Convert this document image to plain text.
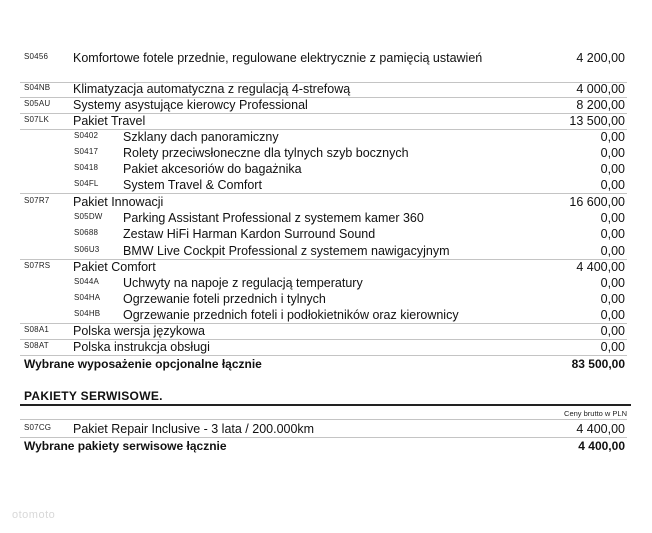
S0456 Komfortowe fotele przednie, regulowane elektrycznie z pamięcią ustawień	4 200,00
S04NB Klimatyzacja automatyczna z regulacją 4-strefową	4 000,00
S05AU Systemy asystujące kierowcy Professional	8 200,00
S07LK Pakiet Travel	13 500,00
S0402 Szklany dach panoramiczny	0,00
S0417 Rolety przeciwsłoneczne dla tylnych szyb bocznych	0,00
S0418 Pakiet akcesoriów do bagażnika	0,00
S04FL System Travel & Comfort	0,00
S07R7 Pakiet Innowacji	16 600,00
S05DW Parking Assistant Professional z systemem kamer 360	0,00
S0688 Zestaw HiFi Harman Kardon Surround Sound	0,00
S06U3 BMW Live Cockpit Professional z systemem nawigacyjnym	0,00
S07RS Pakiet Comfort	4 400,00
S044A Uchwyty na napoje z regulacją temperatury	0,00
S04HA Ogrzewanie foteli przednich i tylnych	0,00
S04HB Ogrzewanie przednich foteli i podłokietników oraz kierownicy	0,00
S08A1 Polska wersja językowa	0,00
S08AT Polska instrukcja obsługi	0,00
Wybrane wyposażenie opcjonalne łącznie	83 500,00
PAKIETY SERWISOWE.
Ceny brutto w PLN
S07CG Pakiet Repair Inclusive - 3 lata / 200.000km	4 400,00
Wybrane pakiety serwisowe łącznie	4 400,00
otomoto
